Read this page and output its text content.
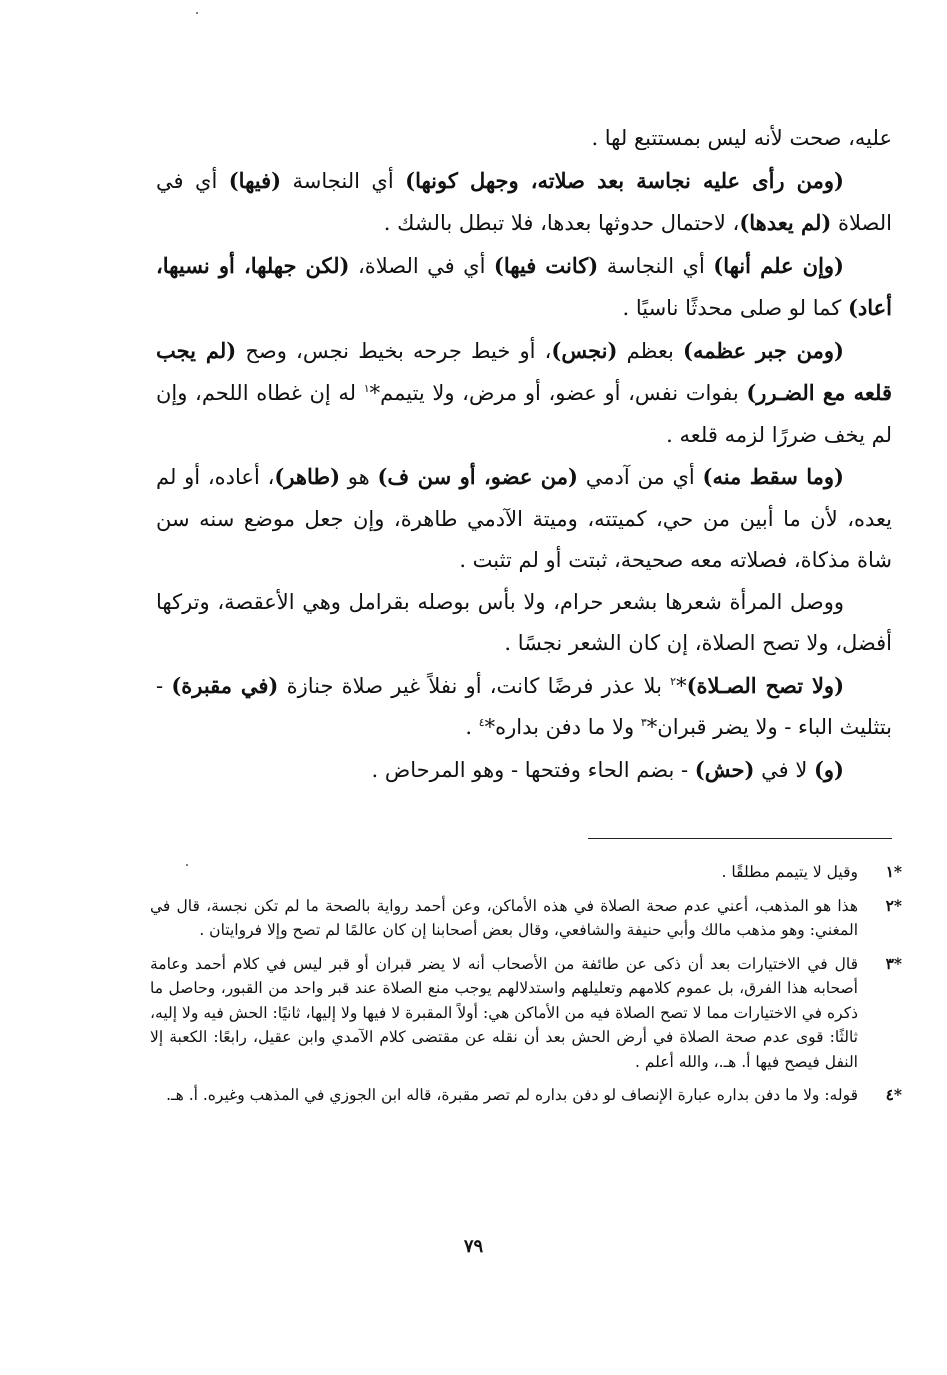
عليه، صحت لأنه ليس بمستتبع لها .

(ومن رأى عليه نجاسة بعد صلاته، وجهل كونها) أي النجاسة (فيها) أي في الصلاة (لم يعدها)، لاحتمال حدوثها بعدها، فلا تبطل بالشك .

(وإن علم أنها) أي النجاسة (كانت فيها) أي في الصلاة، (لكن جهلها، أو نسيها، أعاد) كما لو صلى محدثًا ناسيًا .

(ومن جبر عظمه) بعظم (نجس)، أو خيط جرحه بخيط نجس، وصح (لم يجب قلعه مع الضـرر) بفوات نفس، أو عضو، أو مرض، ولا يتيمم*$^١$ له إن غطاه اللحم، وإن لم يخف ضررًا لزمه قلعه .

(وما سقط منه) أي من آدمي (من عضو، أو سن ف) هو (طاهر)، أعاده، أو لم يعده، لأن ما أبين من حي، كميتته، وميتة الآدمي طاهرة، وإن جعل موضع سنه سن شاة مذكاة، فصلاته معه صحيحة، ثبتت أو لم تثبت .

ووصل المرأة شعرها بشعر حرام، ولا بأس بوصله بقرامل وهي الأعقصة، وتركها أفضل، ولا تصح الصلاة، إن كان الشعر نجسًا .

(ولا تصح الصـلاة)*$^٢$ بلا عذر فرضًا كانت، أو نفلاً غير صلاة جنازة (في مقبرة) - بتثليث الباء - ولا يضر قبران*$^٣$ ولا ما دفن بداره*$^٤$ .

(و) لا في (حش) - بضم الحاء وفتحها - وهو المرحاض .

*١
وقيل لا يتيمم مطلقًا .
*٢
هذا هو المذهب، أعني عدم صحة الصلاة في هذه الأماكن، وعن أحمد رواية بالصحة ما لم تكن نجسة، قال في المغني: وهو مذهب مالك وأبي حنيفة والشافعي، وقال بعض أصحابنا إن كان عالمًا لم تصح وإلا فروايتان .
*٣
قال في الاختيارات بعد أن ذكى عن طائفة من الأصحاب أنه لا يضر قبران أو قبر ليس في كلام أحمد وعامة أصحابه هذا الفرق، بل عموم كلامهم وتعليلهم واستدلالهم يوجب منع الصلاة عند قبر واحد من القبور، وحاصل ما ذكره في الاختيارات مما لا تصح الصلاة فيه من الأماكن هي: أولاً المقبرة لا فيها ولا إليها، ثانيًا: الحش فيه ولا إليه، ثالثًا: قوى عدم صحة الصلاة في أرض الحش بعد أن نقله عن مقتضى كلام الآمدي وابن عقيل، رابعًا: الكعبة إلا النفل فيصح فيها أ. هـ.، والله أعلم .
*٤
قوله: ولا ما دفن بداره عبارة الإنصاف لو دفن بداره لم تصر مقبرة، قاله ابن الجوزي في المذهب وغيره. أ. هـ.
٧٩
